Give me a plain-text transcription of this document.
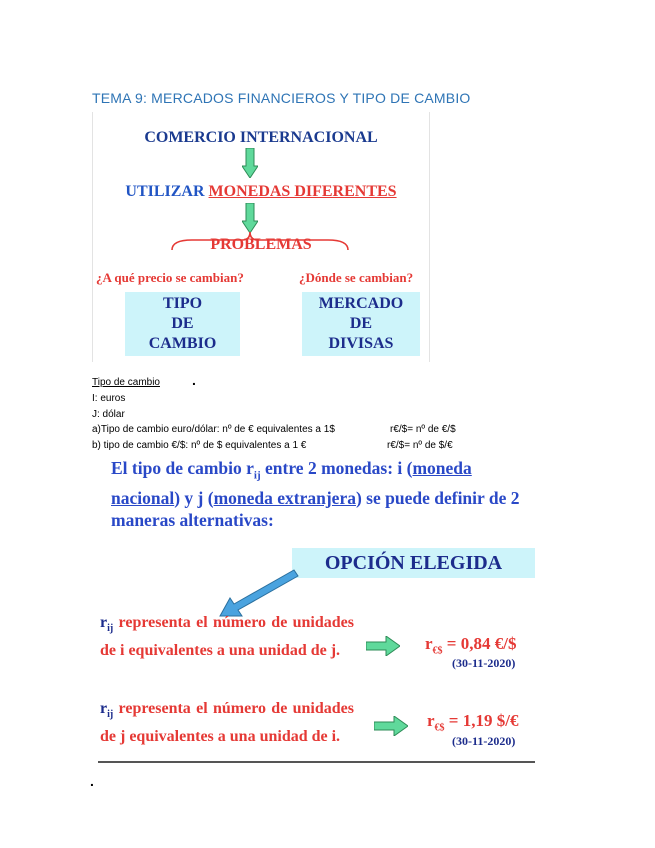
TEMA 9: MERCADOS FINANCIEROS Y TIPO DE CAMBIO
COMERCIO INTERNACIONAL
UTILIZAR MONEDAS DIFERENTES
PROBLEMAS
¿A qué precio se cambian?	¿Dónde se cambian?
TIPO
DE
CAMBIO
MERCADO
DE
DIVISAS
Tipo de cambio .
I: euros
J: dólar
a)Tipo de cambio euro/dólar: nº de € equivalentes a 1$	r€/$= nº de €/$
b) tipo de cambio €/$: nº de $ equivalentes a 1 €	r€/$= nº de $/€
El tipo de cambio $r_{ij}$ entre 2 monedas: i (moneda nacional) y j (moneda extranjera) se puede definir de 2 maneras alternativas:
OPCIÓN ELEGIDA
$r_{ij}$ representa el número de unidades de i equivalentes a una unidad de j.	$r_{€\$} = 0,84$ €/$
(30-11-2020)
$r_{ij}$ representa el número de unidades de j equivalentes a una unidad de i.
$r_{€\$} = 1,19$ $/€
(30-11-2020)
.
